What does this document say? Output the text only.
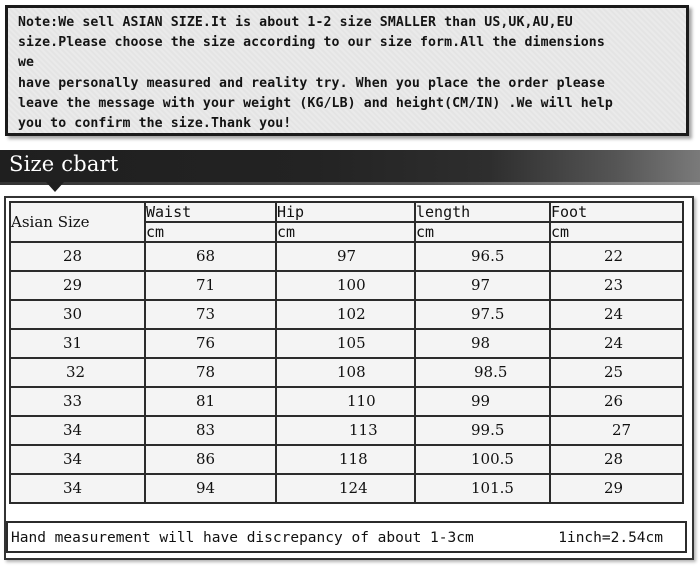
Note:We sell ASIAN SIZE.It is about 1-2 size SMALLER than US,UK,AU,EU
size.Please choose the size according to our size form.All the dimensions
we
have personally measured and reality try. When you place the order please
leave the message with your weight (KG/LB) and height(CM/IN) .We will help
you to confirm the size.Thank you!

Size cbart
Asian Size	Waist	Hip	length	Foot
	cm	cm	cm	cm
28	68	97	96.5	22
29	71	100	97	23
30	73	102	97.5	24
31	76	105	98	24
32	78	108	98.5	25
33	81	110	99	26
34	83	113	99.5	27
34	86	118	100.5	28
34	94	124	101.5	29
Hand measurement will have discrepancy of about 1-3cm	1inch=2.54cm
